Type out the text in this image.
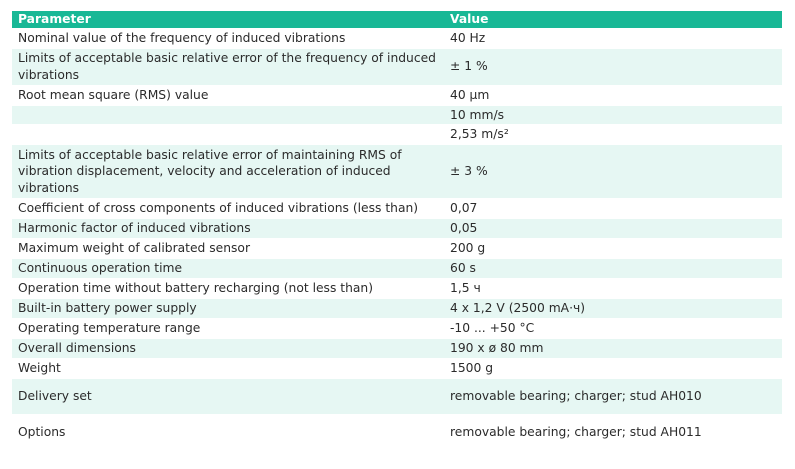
Parameter	Value
Nominal value of the frequency of induced vibrations	40 Hz
Limits of acceptable basic relative error of the frequency of induced vibrations	± 1 %
Root mean square (RMS) value	40 µm
	10 mm/s
	2,53 m/s²
Limits of acceptable basic relative error of maintaining RMS of vibration displacement, velocity and acceleration of induced vibrations	± 3 %
Coefficient of cross components of induced vibrations (less than)	0,07
Harmonic factor of induced vibrations	0,05
Maximum weight of calibrated sensor	200 g
Continuous operation time	60 s
Operation time without battery recharging (not less than)	1,5 ч
Built-in battery power supply	4 x 1,2 V (2500 mA·ч)
Operating temperature range	-10 ... +50 °C
Overall dimensions	190 x ø 80 mm
Weight	1500 g
Delivery set	removable bearing; charger; stud AH010
Options	removable bearing; charger; stud AH011
